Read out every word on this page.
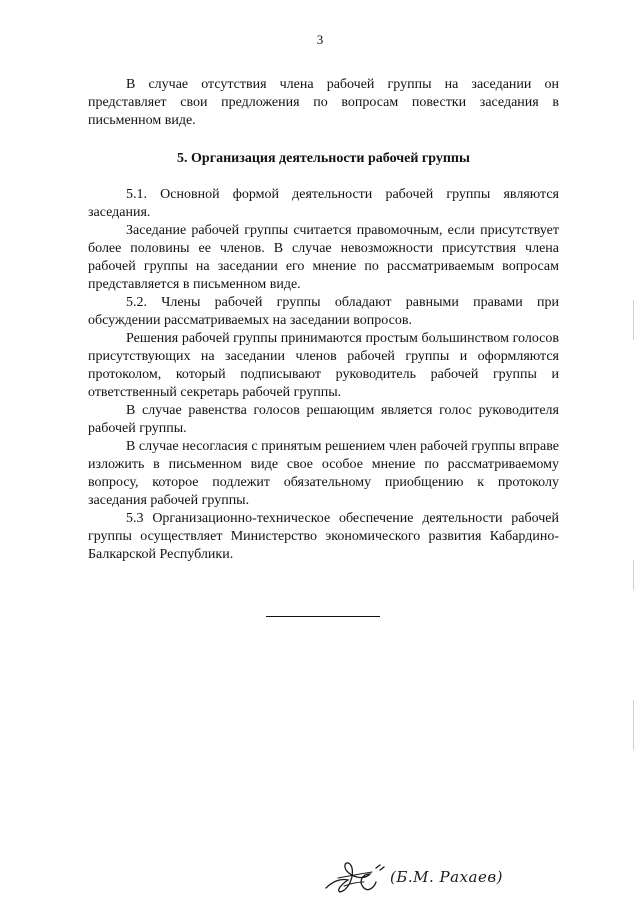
3

В случае отсутствия члена рабочей группы на заседании он представляет свои предложения по вопросам повестки заседания в письменном виде.

5. Организация деятельности рабочей группы

5.1. Основной формой деятельности рабочей группы являются заседания.

Заседание рабочей группы считается правомочным, если присутствует более половины ее членов. В случае невозможности присутствия члена рабочей группы на заседании его мнение по рассматриваемым вопросам представляется в письменном виде.

5.2. Члены рабочей группы обладают равными правами при обсуждении рассматриваемых на заседании вопросов.

Решения рабочей группы принимаются простым большинством голосов присутствующих на заседании членов рабочей группы и оформляются протоколом, который подписывают руководитель рабочей группы и ответственный секретарь рабочей группы.

В случае равенства голосов решающим является голос руководителя рабочей группы.

В случае несогласия с принятым решением член рабочей группы вправе изложить в письменном виде свое особое мнение по рассматриваемому вопросу, которое подлежит обязательному приобщению к протоколу заседания рабочей группы.

5.3 Организационно-техническое обеспечение деятельности рабочей группы осуществляет Министерство экономического развития Кабардино-Балкарской Республики.

(Б.М. Рахаев)
